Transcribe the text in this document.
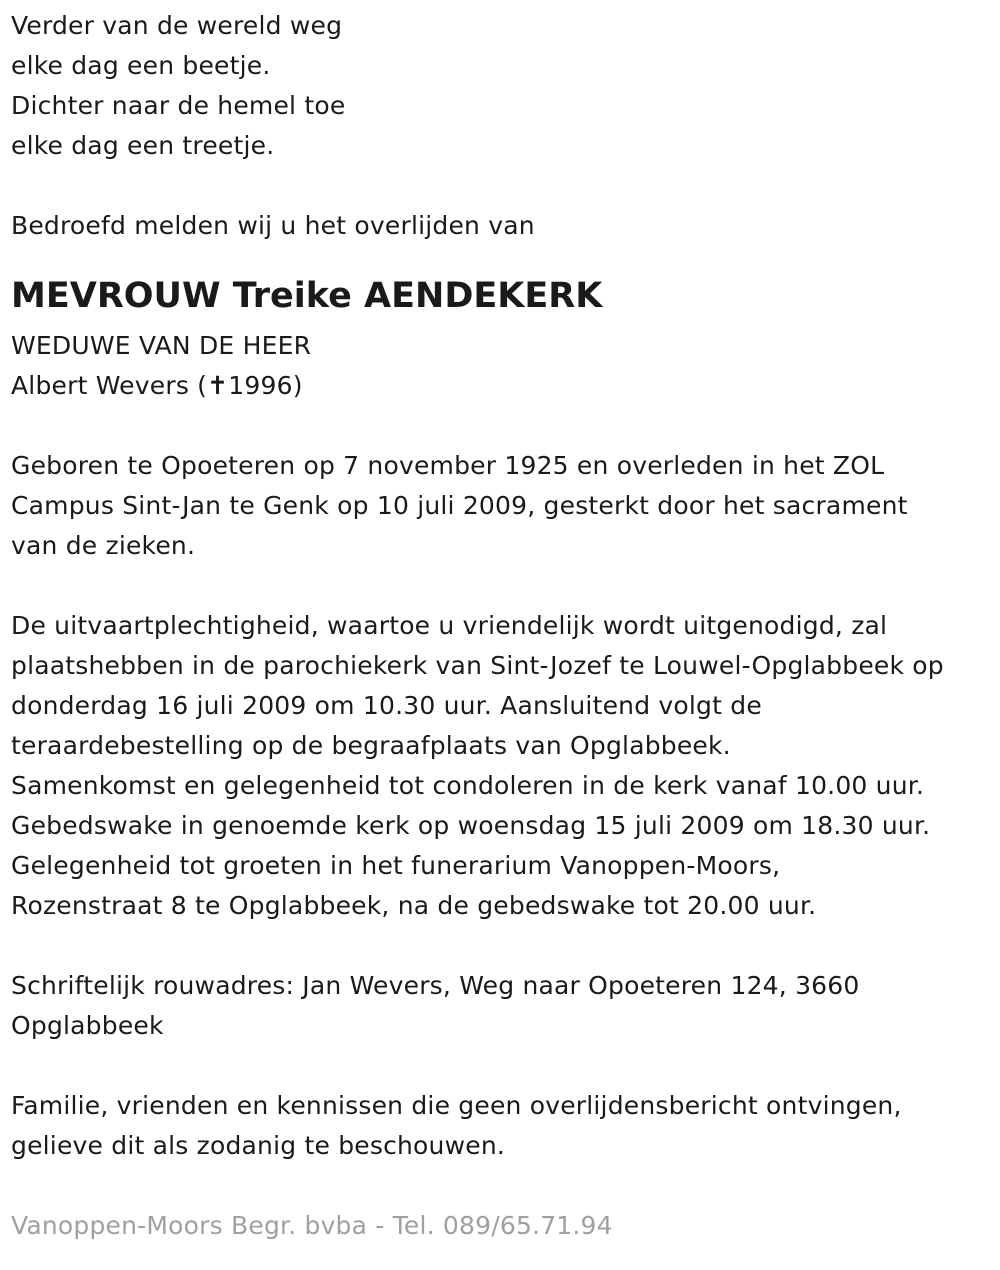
Verder van de wereld weg
elke dag een beetje.
Dichter naar de hemel toe
elke dag een treetje.
Bedroefd melden wij u het overlijden van
MEVROUW Treike AENDEKERK
WEDUWE VAN DE HEER
Albert Wevers (✝1996)
Geboren te Opoeteren op 7 november 1925 en overleden in het ZOL
Campus Sint-Jan te Genk op 10 juli 2009, gesterkt door het sacrament
van de zieken.
De uitvaartplechtigheid, waartoe u vriendelijk wordt uitgenodigd, zal
plaatshebben in de parochiekerk van Sint-Jozef te Louwel-Opglabbeek op
donderdag 16 juli 2009 om 10.30 uur. Aansluitend volgt de
teraardebestelling op de begraafplaats van Opglabbeek.
Samenkomst en gelegenheid tot condoleren in de kerk vanaf 10.00 uur.
Gebedswake in genoemde kerk op woensdag 15 juli 2009 om 18.30 uur.
Gelegenheid tot groeten in het funerarium Vanoppen-Moors,
Rozenstraat 8 te Opglabbeek, na de gebedswake tot 20.00 uur.
Schriftelijk rouwadres: Jan Wevers, Weg naar Opoeteren 124, 3660
Opglabbeek
Familie, vrienden en kennissen die geen overlijdensbericht ontvingen,
gelieve dit als zodanig te beschouwen.
Vanoppen-Moors Begr. bvba - Tel. 089/65.71.94
